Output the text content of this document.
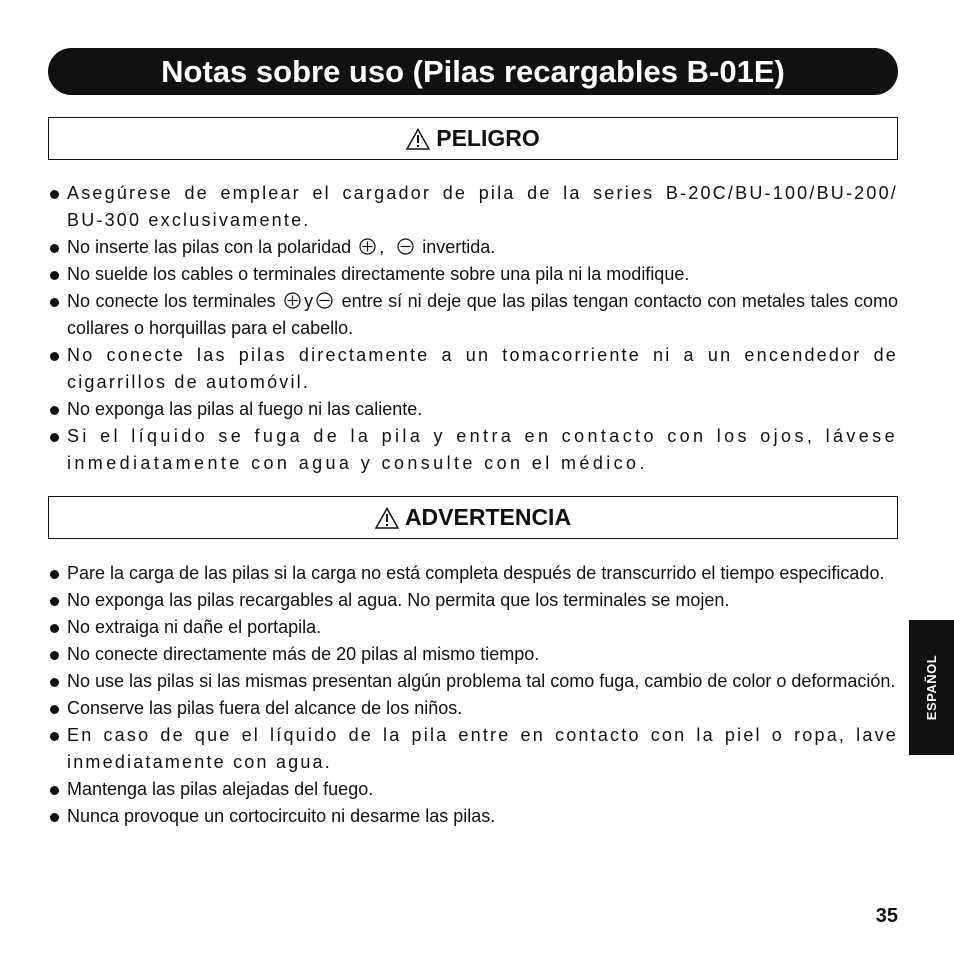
Notas sobre uso (Pilas recargables B-01E)
PELIGRO
Asegúrese de emplear el cargador de pila de la series B-20C/BU-100/BU-200/ BU-300 exclusivamente.
No inserte las pilas con la polaridad , invertida.
No suelde los cables o terminales directamente sobre una pila ni la modifique.
No conecte los terminales y entre sí ni deje que las pilas tengan contacto con metales tales como collares o horquillas para el cabello.
No conecte las pilas directamente a un tomacorriente ni a un encendedor de cigarrillos de automóvil.
No exponga las pilas al fuego ni las caliente.
Si el líquido se fuga de la pila y entra en contacto con los ojos, lávese inmediatamente con agua y consulte con el médico.
ADVERTENCIA
Pare la carga de las pilas si la carga no está completa después de transcurrido el tiempo especificado.
No exponga las pilas recargables al agua. No permita que los terminales se mojen.
No extraiga ni dañe el portapila.
No conecte directamente más de 20 pilas al mismo tiempo.
No use las pilas si las mismas presentan algún problema tal como fuga, cambio de color o deformación.
Conserve las pilas fuera del alcance de los niños.
En caso de que el líquido de la pila entre en contacto con la piel o ropa, lave inmediatamente con agua.
Mantenga las pilas alejadas del fuego.
Nunca provoque un cortocircuito ni desarme las pilas.
ESPAÑOL
35
